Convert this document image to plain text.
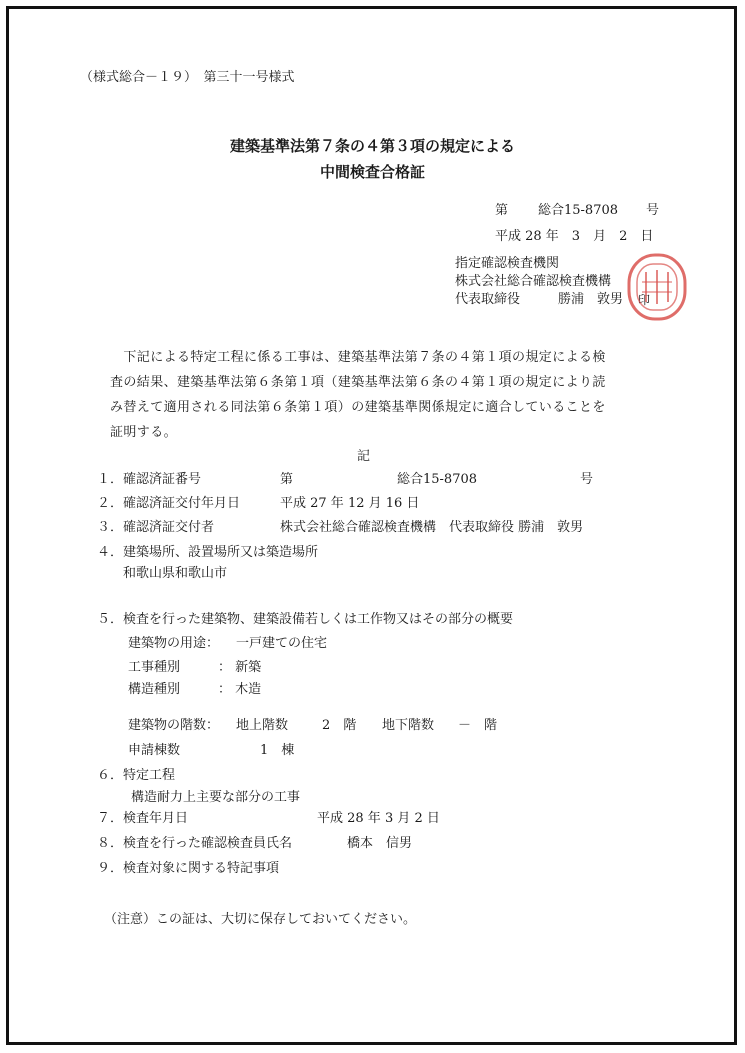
（様式総合－１９）　第三十一号様式
建築基準法第７条の４第３項の規定による
中間検査合格証
第 総合15-8708 号
平成 28 年　3　月　2　日
指定確認検査機関
株式会社総合確認検査機構
代表取締役	勝浦　敦男 印
　下記による特定工程に係る工事は、建築基準法第７条の４第１項の規定による検
査の結果、建築基準法第６条第１項（建築基準法第６条の４第１項の規定により読
み替えて適用される同法第６条第１項）の建築基準関係規定に適合していることを
証明する。
記
１． 確認済証番号	第	総合15-8708	号
２． 確認済証交付年月日	平成 27 年 12 月 16 日
３． 確認済証交付者	株式会社総合確認検査機構　代表取締役 勝浦　敦男
４． 建築場所、設置場所又は築造場所
和歌山県和歌山市
５． 検査を行った建築物、建築設備若しくは工作物又はその部分の概要
建築物の用途： 一戸建ての住宅
工事種別	： 新築
構造種別	： 木造
建築物の階数： 地上階数	2　階 地下階数 －　階
申請棟数	1　棟
６． 特定工程
構造耐力上主要な部分の工事
７． 検査年月日	平成 28 年 3 月 2 日
８． 検査を行った確認検査員氏名	橋本　信男
９． 検査対象に関する特記事項
（注意）この証は、大切に保存しておいてください。
